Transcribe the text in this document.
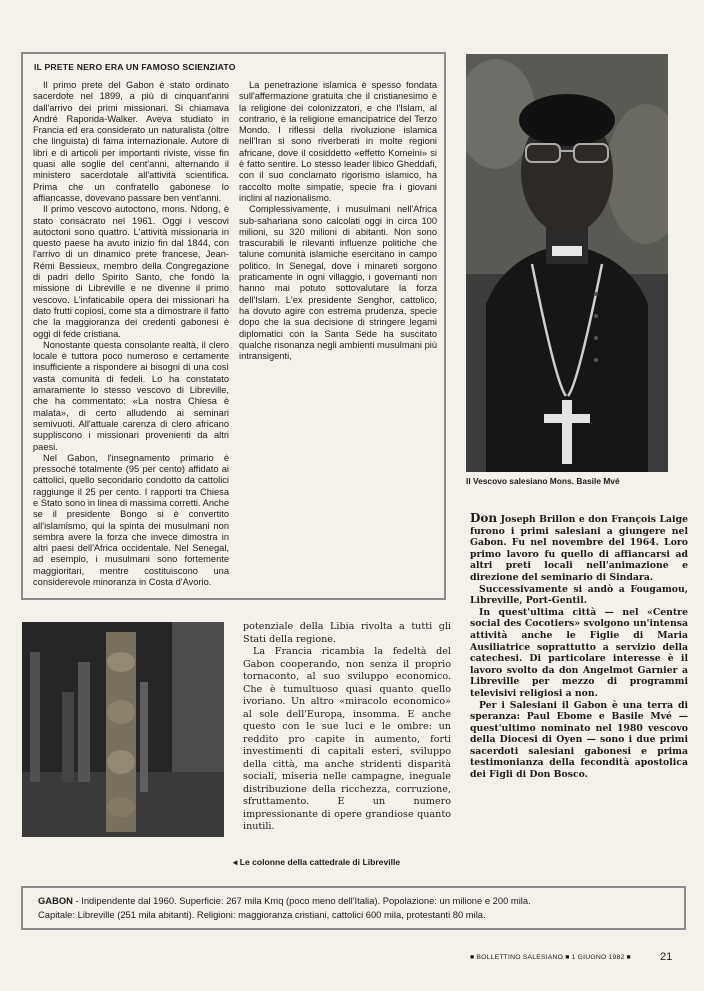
IL PRETE NERO ERA UN FAMOSO SCIENZIATO

Il primo prete del Gabon è stato ordinato sacerdote nel 1899, a più di cinquant'anni dall'arrivo dei primi missionari. Si chiamava André Raponda-Walker. Aveva studiato in Francia ed era considerato un naturalista (oltre che linguista) di fama internazionale. Autore di libri e di articoli per importanti riviste, visse fin quasi alle soglie del cent'anni, alternando il ministero sacerdotale all'attività scientifica. Prima che un confratello gabonese lo affiancasse, dovevano passare ben vent'anni.

Il primo vescovo autoctono, mons. Ndong, è stato consacrato nel 1961. Oggi i vescovi autoctoni sono quattro. L'attività missionaria in questo paese ha avuto inizio fin dal 1844, con l'arrivo di un dinamico prete francese, Jean-Rémi Bessieux, membro della Congregazione di padri dello Spirito Santo, che fondò la missione di Libreville e ne divenne il primo vescovo. L'infaticabile opera dei missionari ha dato frutti copiosi, come sta a dimostrare il fatto che la maggioranza dei credenti gabonesi è oggi di fede cristiana.

Nonostante questa consolante realtà, il clero locale è tuttora poco numeroso e certamente insufficiente a rispondere ai bisogni di una così vasta comunità di fedeli. Lo ha constatato amaramente lo stesso vescovo di Libreville, che ha commentato: «La nostra Chiesa è malata», di certo alludendo ai seminari semivuoti. All'attuale carenza di clero africano suppliscono i missionari provenienti da altri paesi.

Nel Gabon, l'insegnamento primario è pressoché totalmente (95 per cento) affidato ai cattolici, quello secondario condotto da cattolici raggiunge il 25 per cento. I rapporti tra Chiesa e Stato sono in linea di massima corretti. Anche se il presidente Bongo si è convertito all'islamismo, qui la spinta dei musulmani non sembra avere la forza che invece dimostra in altri paesi dell'Africa occidentale. Nel Senegal, ad esempio, i musulmani sono fortemente maggioritari, mentre costituiscono una considerevole minoranza in Costa d'Avorio.

La penetrazione islamica è spesso fondata sull'affermazione gratuita che il cristianesimo è la religione dei colonizzatori, e che l'Islam, al contrario, è la religione emancipatrice del Terzo Mondo. I riflessi della rivoluzione islamica nell'Iran si sono riverberati in molte regioni africane, dove il cosiddetto «effetto Komeini» si è fatto sentire. Lo stesso leader libico Gheddafi, con il suo conclamato rigorismo islamico, ha raccolto molte simpatie, specie fra i giovani inclini al nazionalismo.

Complessivamente, i musulmani nell'Africa sub-sahariana sono calcolati oggi in circa 100 milioni, su 320 milioni di abitanti. Non sono trascurabili le rilevanti influenze politiche che talune comunità islamiche esercitano in campo politico. In Senegal, dove i minareti sorgono praticamente in ogni villaggio, i governanti non hanno mai potuto sottovalutare la forza dell'Islam. L'ex presidente Senghor, cattolico, ha dovuto agire con estrema prudenza, specie dopo che la sua decisione di stringere legami diplomatici con la Santa Sede ha suscitato qualche risonanza negli ambienti musulmani più intransigenti,

Il Vescovo salesiano Mons. Basile Mvé

Don Joseph Brillon e don François Laige furono i primi salesiani a giungere nel Gabon. Fu nel novembre del 1964. Loro primo lavoro fu quello di affiancarsi ad altri preti locali nell'animazione e direzione del seminario di Sindara.

Successivamente si andò a Fougamou, Libreville, Port-Gentil.

In quest'ultima città — nel «Centre social des Cocotiers» svolgono un'intensa attività anche le Figlie di Maria Ausiliatrice soprattutto a servizio della catechesi. Di particolare interesse è il lavoro svolto da don Angelmot Garnier a Libreville per mezzo di programmi televisivi religiosi a non.

Per i Salesiani il Gabon è una terra di speranza: Paul Ebome e Basile Mvé — quest'ultimo nominato nel 1980 vescovo della Diocesi di Oyen — sono i due primi sacerdoti salesiani gabonesi e prima testimonianza della fecondità apostolica dei Figli di Don Bosco.

potenziale della Libia rivolta a tutti gli Stati della regione.

La Francia ricambia la fedeltà del Gabon cooperando, non senza il proprio tornaconto, al suo sviluppo economico. Che è tumultuoso quasi quanto quello ivoriano. Un altro «miracolo economico» al sole dell'Europa, insomma. E anche questo con le sue luci e le ombre: un reddito pro capite in aumento, forti investimenti di capitali esteri, sviluppo della città, ma anche stridenti disparità sociali, miseria nelle campagne, ineguale distribuzione della ricchezza, corruzione, sfruttamento. E un numero impressionante di opere grandiose quanto inutili.

◂ Le colonne della cattedrale di Libreville
GABON - Indipendente dal 1960. Superficie: 267 mila Kmq (poco meno dell'Italia). Popolazione: un milione e 200 mila.
Capitale: Libreville (251 mila abitanti). Religioni: maggioranza cristiani, cattolici 600 mila, protestanti 80 mila.
■ BOLLETTINO SALESIANO ■ 1 GIUGNO 1982 ■	21
